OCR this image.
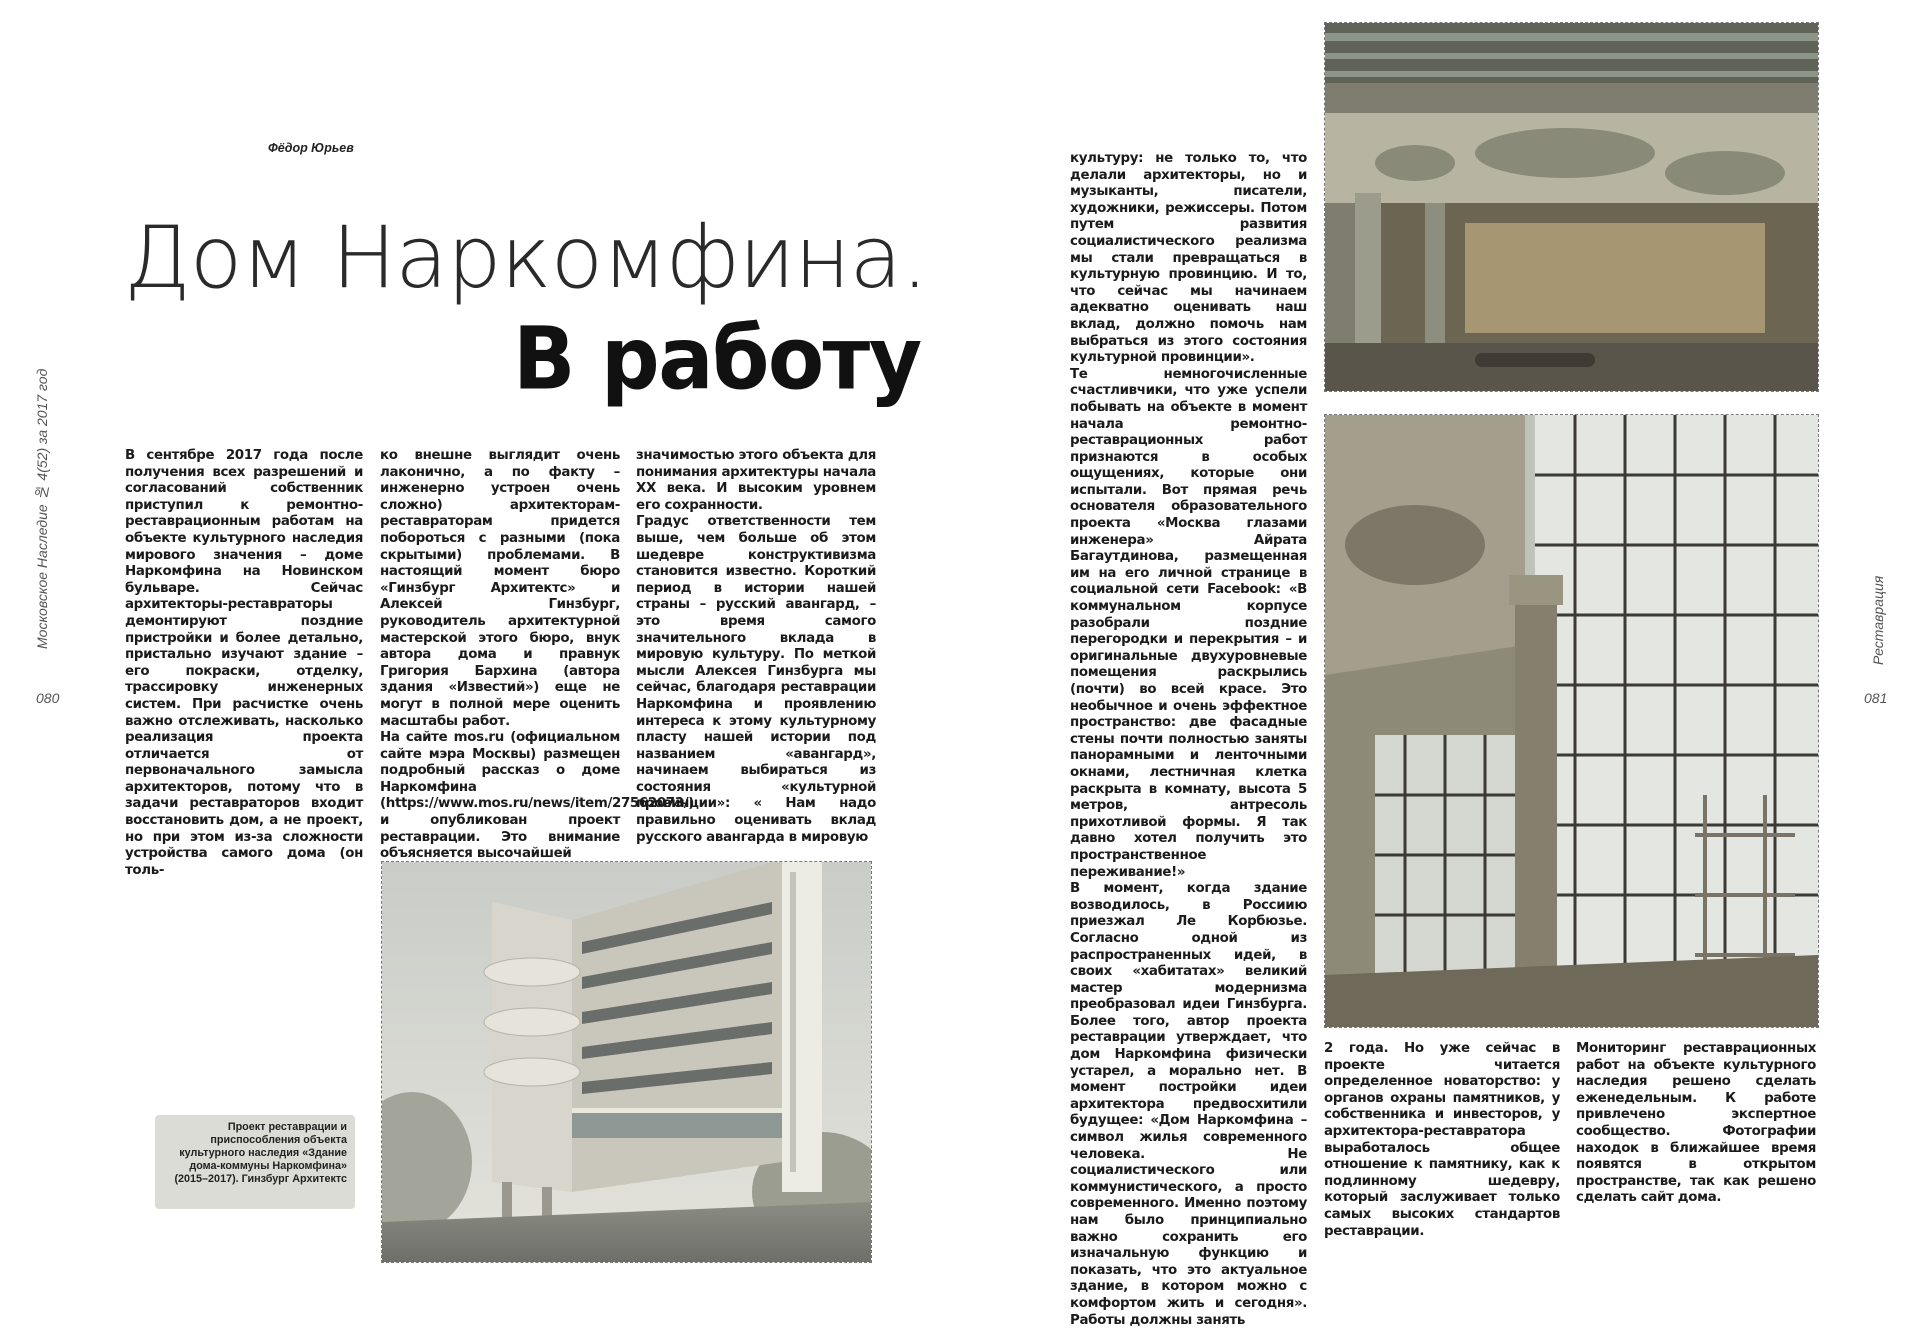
Московское Наследие № 4(52) за 2017 год
080
Реставрация
081
Фёдор Юрьев
Дом Наркомфина.
В работу

В сентябре 2017 года после получения всех разрешений и согласований собственник приступил к ремонтно-реставрационным работам на объекте культурного наследия мирового значения – доме Наркомфина на Новинском бульваре. Сейчас архитекторы-реставраторы демонтируют поздние пристройки и более детально, пристально изучают здание – его покраски, отделку, трассировку инженерных систем. При расчистке очень важно отслеживать, насколько реализация проекта отличается от первоначального замысла архитекторов, потому что в задачи реставраторов входит восстановить дом, а не проект, но при этом из-за сложности устройства самого дома (он толь-

ко внешне выглядит очень лаконично, а по факту – инженерно устроен очень сложно) архитекторам-реставраторам придется побороться с разными (пока скрытыми) проблемами. В настоящий момент бюро «Гинзбург Архитектс» и Алексей Гинзбург, руководитель архитектурной мастерской этого бюро, внук автора дома и правнук Григория Бархина (автора здания «Известий») еще не могут в полной мере оценить масштабы работ.

На сайте mos.ru (официальном сайте мэра Москвы) размещен подробный рассказ о доме Наркомфина (https://www.mos.ru/news/item/27562073/) и опубликован проект реставрации. Это внимание объясняется высочайшей

значимостью этого объекта для понимания архитектуры начала XX века. И высоким уровнем его сохранности.

Градус ответственности тем выше, чем больше об этом шедевре конструктивизма становится известно. Короткий период в истории нашей страны – русский авангард, – это время самого значительного вклада в мировую культуру. По меткой мысли Алексея Гинзбурга мы сейчас, благодаря реставрации Наркомфина и проявлению интереса к этому культурному пласту нашей истории под названием «авангард», начинаем выбираться из состояния «культурной провинции»: « Нам надо правильно оценивать вклад русского авангарда в мировую

Проект реставрации и приспособления объекта культурного наследия «Здание дома-коммуны Наркомфина» (2015–2017). Гинзбург Архитектс

культуру: не только то, что делали архитекторы, но и музыканты, писатели, художники, режиссеры. Потом путем развития социалистического реализма мы стали превращаться в культурную провинцию. И то, что сейчас мы начинаем адекватно оценивать наш вклад, должно помочь нам выбраться из этого состояния культурной провинции».

Те немногочисленные счастливчики, что уже успели побывать на объекте в момент начала ремонтно-реставрационных работ признаются в особых ощущениях, которые они испытали. Вот прямая речь основателя образовательного проекта «Москва глазами инженера» Айрата Багаутдинова, размещенная им на его личной странице в социальной сети Facebook: «В коммунальном корпусе разобрали поздние перегородки и перекрытия – и оригинальные двухуровневые помещения раскрылись (почти) во всей красе. Это необычное и очень эффектное пространство: две фасадные стены почти полностью заняты панорамными и ленточными окнами, лестничная клетка раскрыта в комнату, высота 5 метров, антресоль прихотливой формы. Я так давно хотел получить это пространственное переживание!»

В момент, когда здание возводилось, в Россиию приезжал Ле Корбюзье. Согласно одной из распространенных идей, в своих «хабитатах» великий мастер модернизма преобразовал идеи Гинзбурга. Более того, автор проекта реставрации утверждает, что дом Наркомфина физически устарел, а морально нет. В момент постройки идеи архитектора предвосхитили будущее: «Дом Наркомфина – символ жилья современного человека. Не социалистического или коммунистического, а просто современного. Именно поэтому нам было принципиально важно сохранить его изначальную функцию и показать, что это актуальное здание, в котором можно с комфортом жить и сегодня». Работы должны занять

2 года. Но уже сейчас в проекте читается определенное новаторство: у органов охраны памятников, у собственника и инвесторов, у архитектора-реставратора выработалось общее отношение к памятнику, как к подлинному шедевру, который заслуживает только самых высоких стандартов реставрации.

Мониторинг реставрационных работ на объекте культурного наследия решено сделать еженедельным. К работе привлечено экспертное сообщество. Фотографии находок в ближайшее время появятся в открытом пространстве, так как решено сделать сайт дома.
